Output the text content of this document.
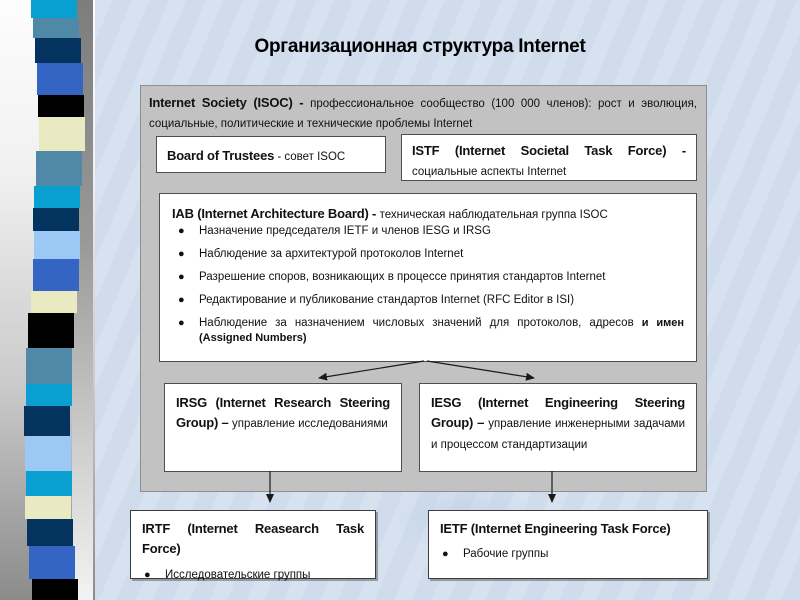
Организационная структура Internet

Internet Society (ISOC) - профессиональное сообщество (100 000 членов): рост и эволюция, социальные, политические и технические проблемы Internet

Board of Trustees - совет ISOC	ISTF (Internet Societal Task Force) - социальные аспекты Internet

IAB (Internet Architecture Board) - техническая наблюдательная группа ISOC

●	Назначение председателя IETF и членов IESG и IRSG
●	Наблюдение за архитектурой протоколов Internet
●	Разрешение споров, возникающих в процессе принятия стандартов Internet
●	Редактирование и публикование стандартов Internet (RFC Editor в ISI)
●	Наблюдение за назначением числовых значений для протоколов, адресов и имен (Assigned Numbers)

IRSG (Internet Research Steering Group) – управление исследованиями

IESG (Internet Engineering Steering Group) – управление инженерными задачами и процессом стандартизации

IRTF (Internet Reasearch Task Force)

●	Исследовательские группы

IETF (Internet Engineering Task Force)

●	Рабочие группы
